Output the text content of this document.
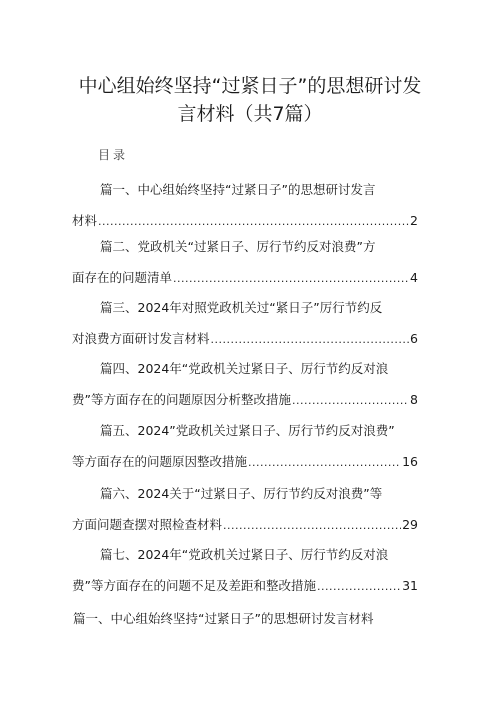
中心组始终坚持“过紧日子”的思想研讨发
言材料（共7篇）
目录
篇一、中心组始终坚持“过紧日子”的思想研讨发言
材料 .....	2
篇二、党政机关“过紧日子、厉行节约反对浪费”方
面存在的问题清单 .....	4
篇三、2024年对照党政机关过“紧日子”厉行节约反
对浪费方面研讨发言材料 .....	6
篇四、2024年“党政机关过紧日子、厉行节约反对浪
费”等方面存在的问题原因分析整改措施 .....	8
篇五、2024”党政机关过紧日子、厉行节约反对浪费”
等方面存在的问题原因整改措施 .....	16
篇六、2024关于“过紧日子、厉行节约反对浪费”等
方面问题查摆对照检查材料 .....	29
篇七、2024年“党政机关过紧日子、厉行节约反对浪
费”等方面存在的问题不足及差距和整改措施 .....	31
篇一、中心组始终坚持“过紧日子”的思想研讨发言材料
